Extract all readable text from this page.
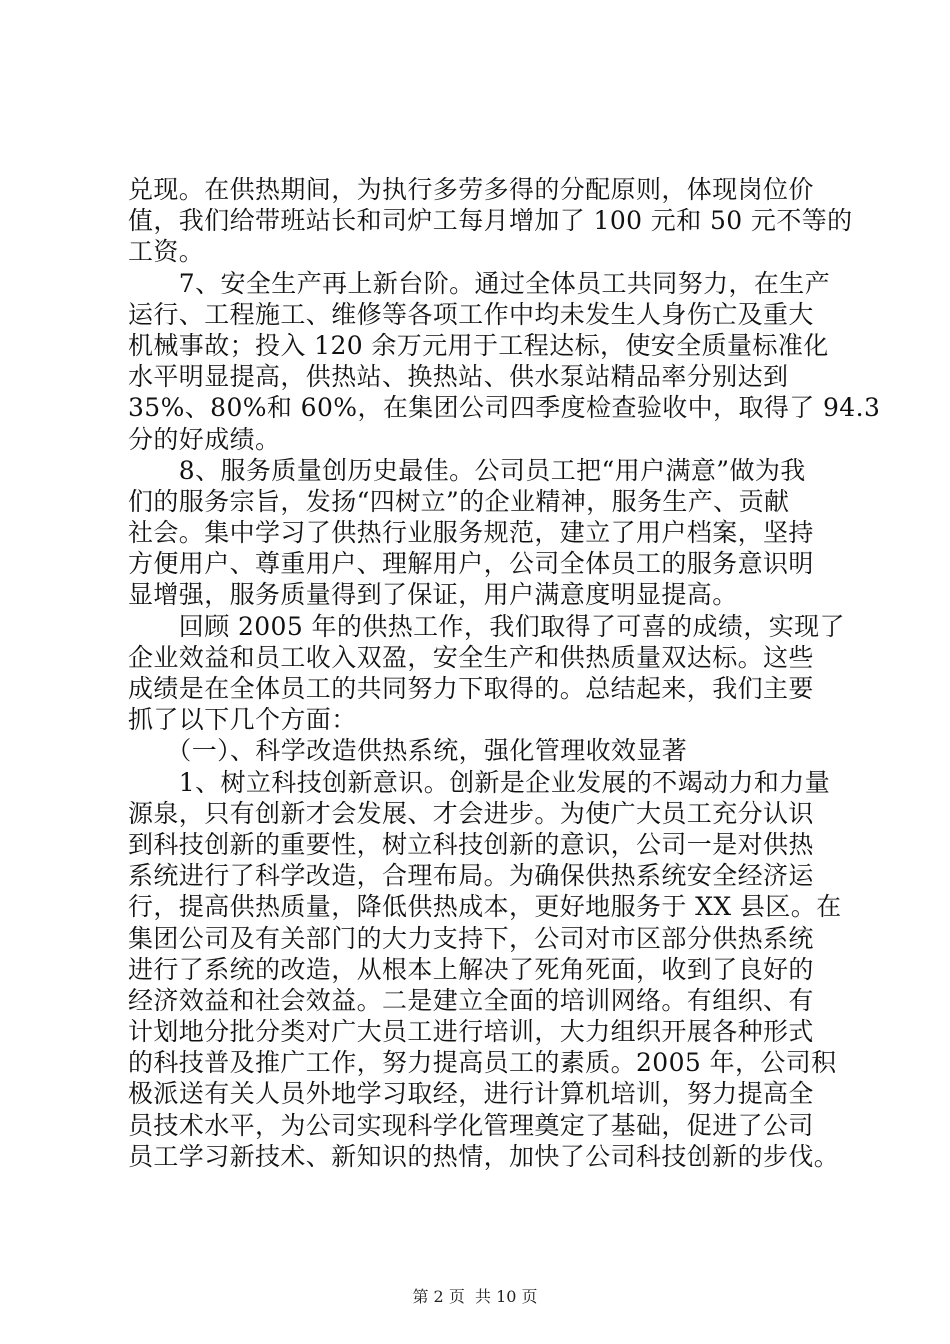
兑现。在供热期间，为执行多劳多得的分配原则，体现岗位价
值，我们给带班站长和司炉工每月增加了 100 元和 50 元不等的
工资。
　　7、安全生产再上新台阶。通过全体员工共同努力，在生产
运行、工程施工、维修等各项工作中均未发生人身伤亡及重大
机械事故；投入 120 余万元用于工程达标，使安全质量标准化
水平明显提高，供热站、换热站、供水泵站精品率分别达到
35%、80%和 60%，在集团公司四季度检查验收中，取得了 94.3
分的好成绩。
　　8、服务质量创历史最佳。公司员工把“用户满意”做为我
们的服务宗旨，发扬“四树立”的企业精神，服务生产、贡献
社会。集中学习了供热行业服务规范，建立了用户档案，坚持
方便用户、尊重用户、理解用户，公司全体员工的服务意识明
显增强，服务质量得到了保证，用户满意度明显提高。
　　回顾 2005 年的供热工作，我们取得了可喜的成绩，实现了
企业效益和员工收入双盈，安全生产和供热质量双达标。这些
成绩是在全体员工的共同努力下取得的。总结起来，我们主要
抓了以下几个方面：
　　（一）、科学改造供热系统，强化管理收效显著
　　1、树立科技创新意识。创新是企业发展的不竭动力和力量
源泉，只有创新才会发展、才会进步。为使广大员工充分认识
到科技创新的重要性，树立科技创新的意识，公司一是对供热
系统进行了科学改造，合理布局。为确保供热系统安全经济运
行，提高供热质量，降低供热成本，更好地服务于 XX 县区。在
集团公司及有关部门的大力支持下，公司对市区部分供热系统
进行了系统的改造，从根本上解决了死角死面，收到了良好的
经济效益和社会效益。二是建立全面的培训网络。有组织、有
计划地分批分类对广大员工进行培训，大力组织开展各种形式
的科技普及推广工作，努力提高员工的素质。2005 年，公司积
极派送有关人员外地学习取经，进行计算机培训，努力提高全
员技术水平，为公司实现科学化管理奠定了基础，促进了公司
员工学习新技术、新知识的热情，加快了公司科技创新的步伐。
第 2 页  共 10 页
